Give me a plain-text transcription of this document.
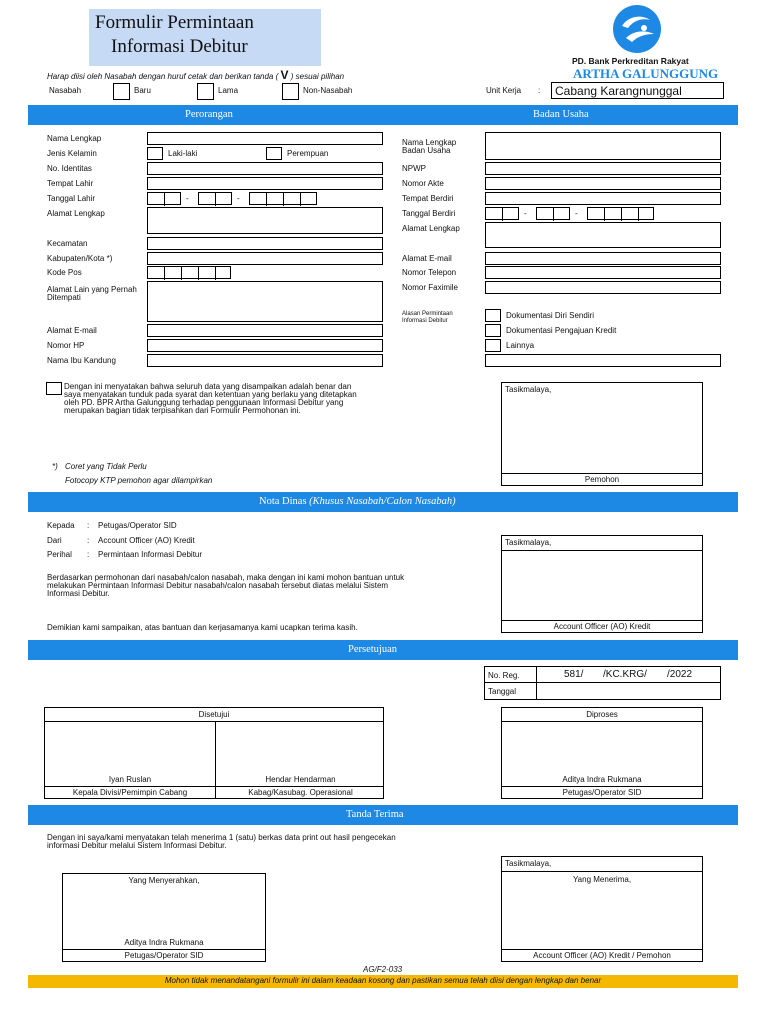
Formulir Permintaan
Informasi Debitur
Harap diisi oleh Nasabah dengan huruf cetak dan berikan tanda ( V ) sesuai pilihan
PD. Bank Perkreditan Rakyat
ARTHA GALUNGGUNG
Nasabah	Baru	Lama	Non-Nasabah	Unit Kerja :	Cabang Karangnunggal
Perorangan	Badan Usaha
Nama Lengkap
Jenis Kelamin	Laki-laki	Perempuan
No. Identitas
Tempat Lahir
Tanggal Lahir	-	-
Alamat Lengkap
Kecamatan
Kabupaten/Kota *)
Kode Pos
Alamat Lain yang Pernah
Ditempati
Alamat E-mail
Nomor HP
Nama Ibu Kandung
Nama Lengkap
Badan Usaha
NPWP
Nomor Akte
Tempat Berdiri
Tanggal Berdiri	-	-
Alamat Lengkap
Alamat E-mail
Nomor Telepon
Nomor Faximile
Alasan Permintaan
Informasi Debitur
Dokumentasi Diri Sendiri
Dokumentasi Pengajuan Kredit
Lainnya
Dengan ini menyatakan bahwa seluruh data yang disampaikan adalah benar dan
saya menyatakan tunduk pada syarat dan ketentuan yang berlaku yang ditetapkan
oleh PD. BPR Artha Galunggung terhadap penggunaan Informasi Debitur yang
merupakan bagian tidak terpisahkan dari Formulir Permohonan ini.
*) Coret yang Tidak Perlu
Fotocopy KTP pemohon agar dilampirkan
Tasikmalaya,
Pemohon
Nota Dinas (Khusus Nasabah/Calon Nasabah)
Kepada : Petugas/Operator SID
Dari	: Account Officer (AO) Kredit
Perihal : Permintaan Informasi Debitur
Berdasarkan permohonan dari nasabah/calon nasabah, maka dengan ini kami mohon bantuan untuk
melakukan Permintaan Informasi Debitur nasabah/calon nasabah tersebut diatas melalui Sistem
Informasi Debitur.
Demikian kami sampaikan, atas bantuan dan kerjasamanya kami ucapkan terima kasih.
Tasikmalaya,
Account Officer (AO) Kredit
Persetujuan
No. Reg.	581/ /KC.KRG/ /2022
Tanggal
Disetujui
Iyan Ruslan	Hendar Hendarman
Kepala Divisi/Pemimpin Cabang	Kabag/Kasubag. Operasional
Diproses
Aditya Indra Rukmana
Petugas/Operator SID
Tanda Terima
Dengan ini saya/kami menyatakan telah menerima 1 (satu) berkas data print out hasil pengecekan
informasi Debitur melalui Sistem Informasi Debitur.
Yang Menyerahkan,
Aditya Indra Rukmana
Petugas/Operator SID
Tasikmalaya,
Yang Menerima,
Account Officer (AO) Kredit / Pemohon
AG/F2-033
Mohon tidak menandatangani formulir ini dalam keadaan kosong dan pastikan semua telah diisi dengan lengkap dan benar
